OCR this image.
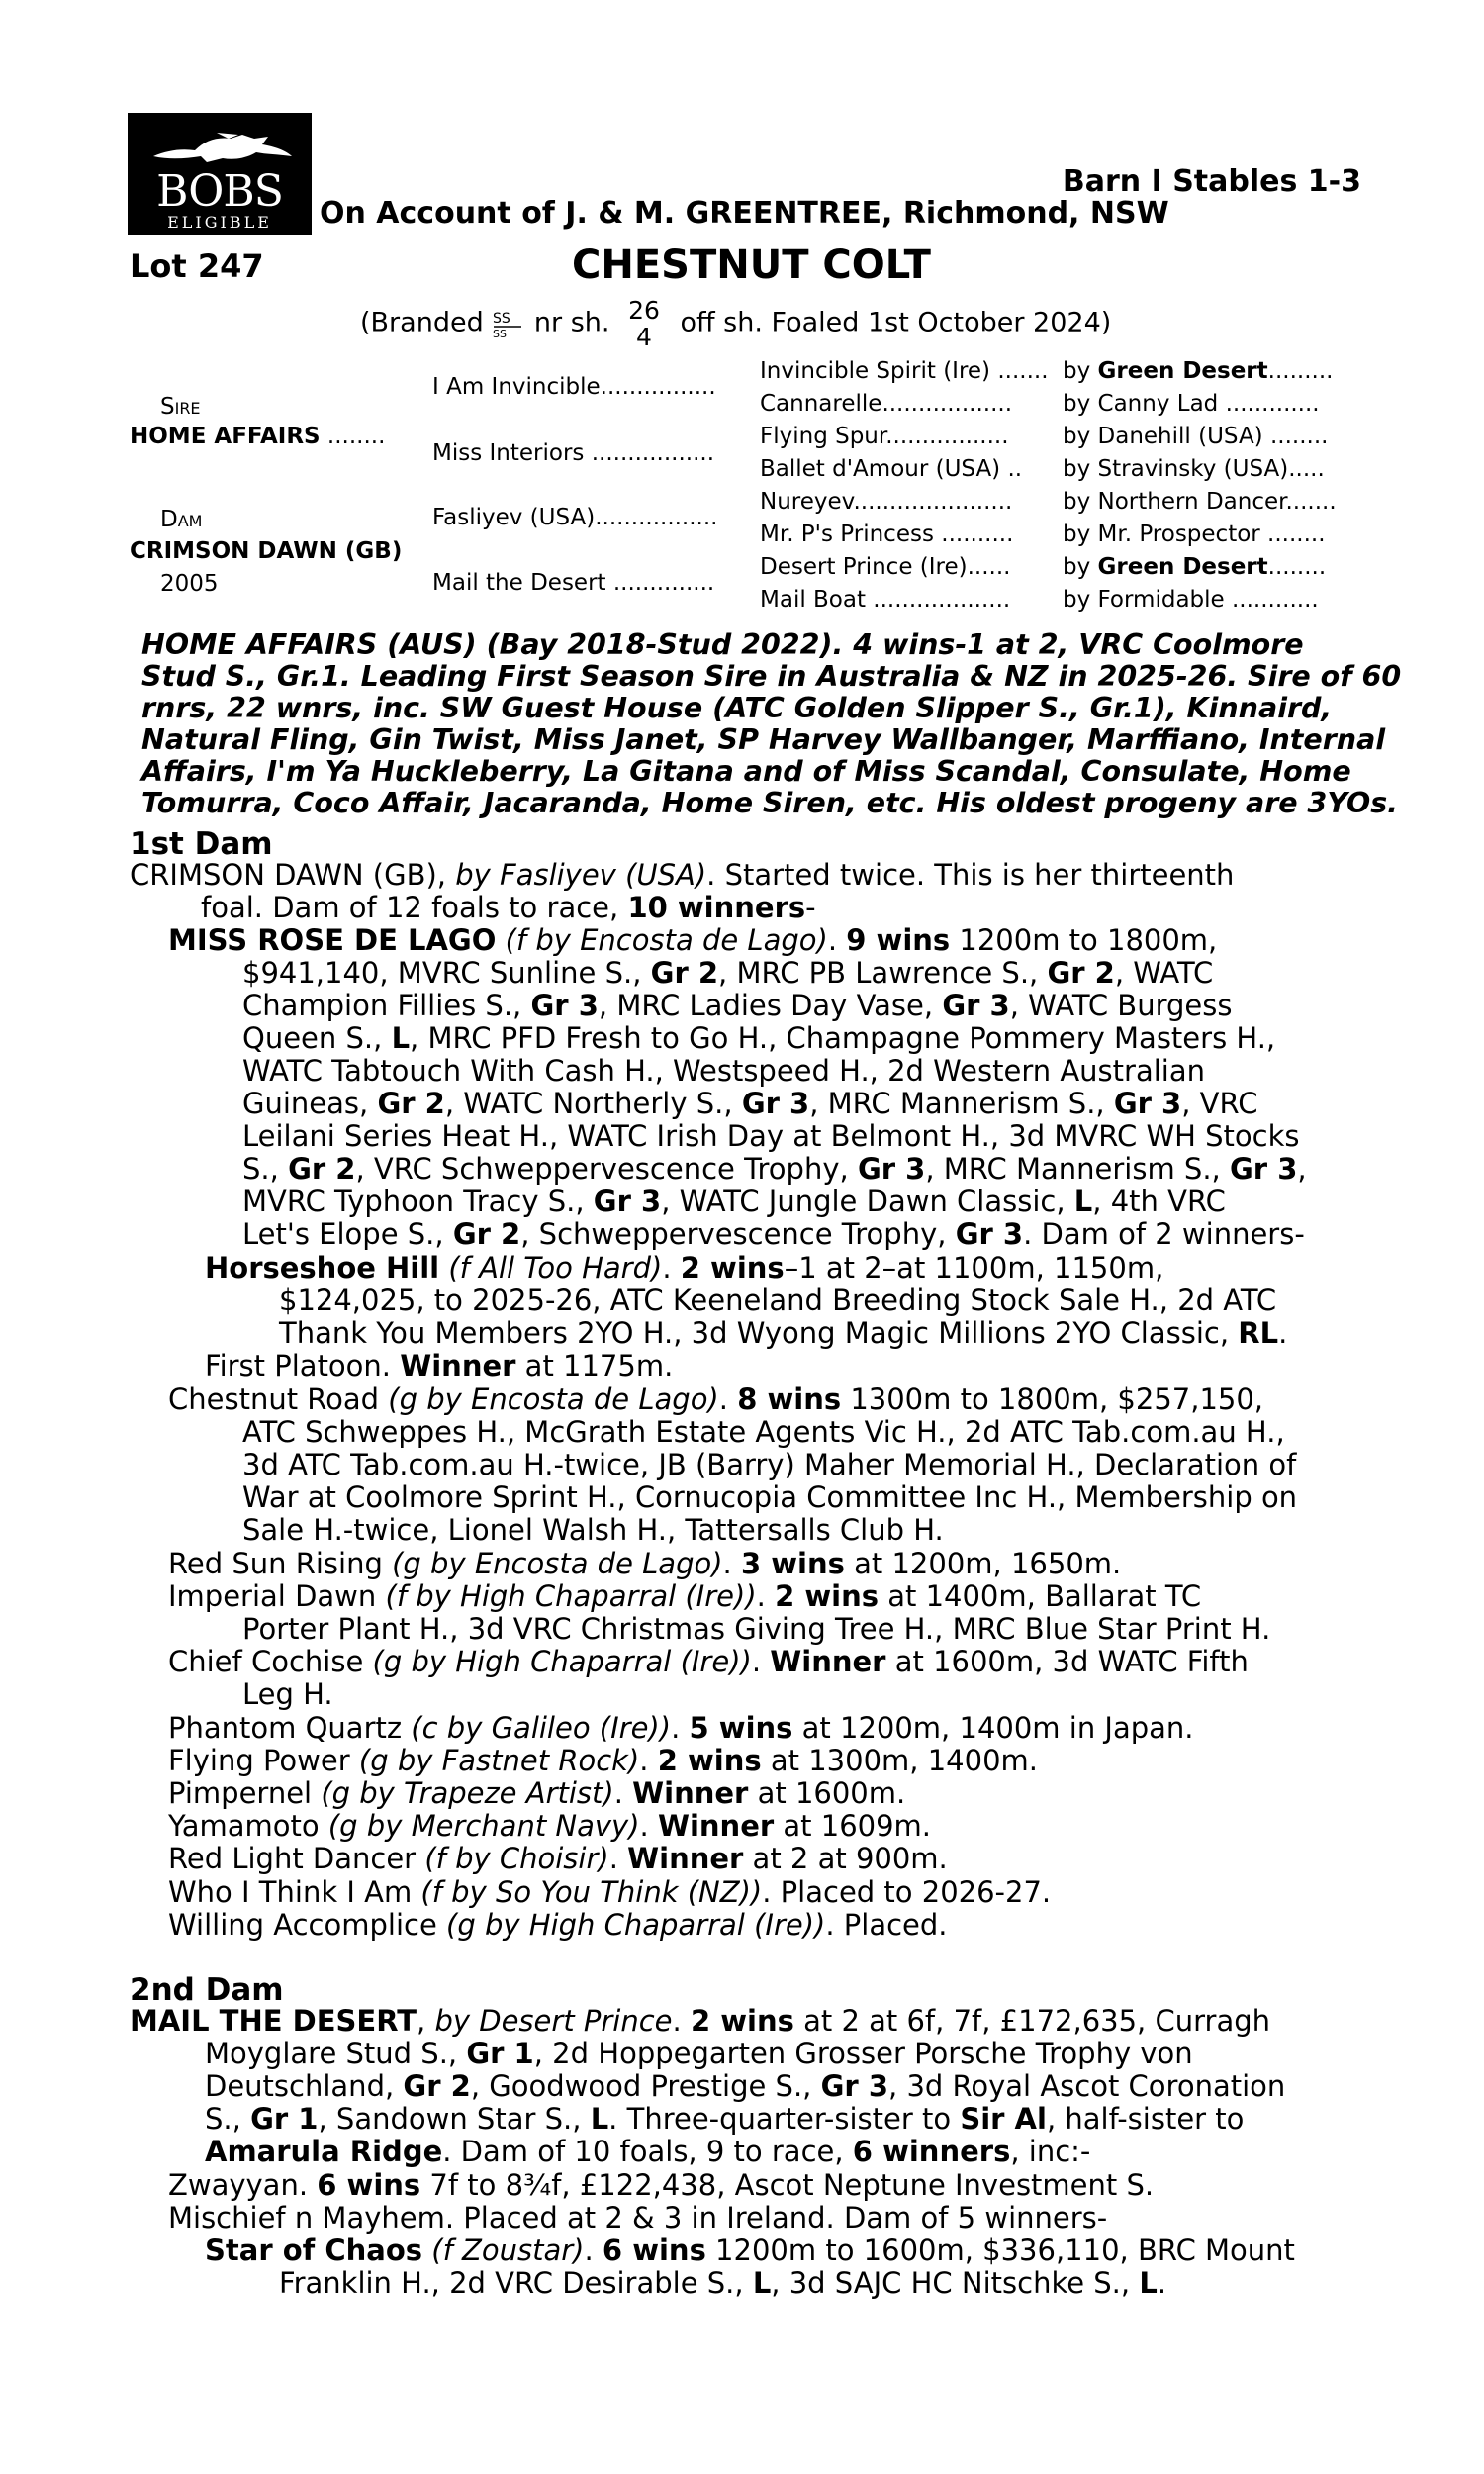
BOBS
ELIGIBLE
Barn I Stables 1-3
On Account of J. & M. GREENTREE, Richmond, NSW
Lot 247	CHESTNUT COLT
(Branded SS
SS nr sh. 26
4 off sh. Foaled 1st October 2024)
Sire
HOME AFFAIRS ........
Dam
CRIMSON DAWN (GB)
2005
I Am Invincible................
Miss Interiors .................
Fasliyev (USA).................
Mail the Desert ..............
Invincible Spirit (Ire) .......
Cannarelle..................
Flying Spur.................
Ballet d'Amour (USA) ..
Nureyev......................
Mr. P's Princess ..........
Desert Prince (Ire)......
Mail Boat ...................
by Green Desert.........
by Canny Lad .............
by Danehill (USA) ........
by Stravinsky (USA).....
by Northern Dancer.......
by Mr. Prospector ........
by Green Desert........
by Formidable ............
HOME AFFAIRS (AUS) (Bay 2018-Stud 2022). 4 wins-1 at 2, VRC Coolmore
Stud S., Gr.1. Leading First Season Sire in Australia & NZ in 2025-26. Sire of 60
rnrs, 22 wnrs, inc. SW Guest House (ATC Golden Slipper S., Gr.1), Kinnaird,
Natural Fling, Gin Twist, Miss Janet, SP Harvey Wallbanger, Marffiano, Internal
Affairs, I'm Ya Huckleberry, La Gitana and of Miss Scandal, Consulate, Home
Tomurra, Coco Affair, Jacaranda, Home Siren, etc. His oldest progeny are 3YOs.
1st Dam
CRIMSON DAWN (GB), by Fasliyev (USA). Started twice. This is her thirteenth
foal. Dam of 12 foals to race, 10 winners-
MISS ROSE DE LAGO (f by Encosta de Lago). 9 wins 1200m to 1800m,
$941,140, MVRC Sunline S., Gr 2, MRC PB Lawrence S., Gr 2, WATC
Champion Fillies S., Gr 3, MRC Ladies Day Vase, Gr 3, WATC Burgess
Queen S., L, MRC PFD Fresh to Go H., Champagne Pommery Masters H.,
WATC Tabtouch With Cash H., Westspeed H., 2d Western Australian
Guineas, Gr 2, WATC Northerly S., Gr 3, MRC Mannerism S., Gr 3, VRC
Leilani Series Heat H., WATC Irish Day at Belmont H., 3d MVRC WH Stocks
S., Gr 2, VRC Schweppervescence Trophy, Gr 3, MRC Mannerism S., Gr 3,
MVRC Typhoon Tracy S., Gr 3, WATC Jungle Dawn Classic, L, 4th VRC
Let's Elope S., Gr 2, Schweppervescence Trophy, Gr 3. Dam of 2 winners-
Horseshoe Hill (f All Too Hard). 2 wins–1 at 2–at 1100m, 1150m,
$124,025, to 2025-26, ATC Keeneland Breeding Stock Sale H., 2d ATC
Thank You Members 2YO H., 3d Wyong Magic Millions 2YO Classic, RL.
First Platoon. Winner at 1175m.
Chestnut Road (g by Encosta de Lago). 8 wins 1300m to 1800m, $257,150,
ATC Schweppes H., McGrath Estate Agents Vic H., 2d ATC Tab.com.au H.,
3d ATC Tab.com.au H.-twice, JB (Barry) Maher Memorial H., Declaration of
War at Coolmore Sprint H., Cornucopia Committee Inc H., Membership on
Sale H.-twice, Lionel Walsh H., Tattersalls Club H.
Red Sun Rising (g by Encosta de Lago). 3 wins at 1200m, 1650m.
Imperial Dawn (f by High Chaparral (Ire)). 2 wins at 1400m, Ballarat TC
Porter Plant H., 3d VRC Christmas Giving Tree H., MRC Blue Star Print H.
Chief Cochise (g by High Chaparral (Ire)). Winner at 1600m, 3d WATC Fifth
Leg H.
Phantom Quartz (c by Galileo (Ire)). 5 wins at 1200m, 1400m in Japan.
Flying Power (g by Fastnet Rock). 2 wins at 1300m, 1400m.
Pimpernel (g by Trapeze Artist). Winner at 1600m.
Yamamoto (g by Merchant Navy). Winner at 1609m.
Red Light Dancer (f by Choisir). Winner at 2 at 900m.
Who I Think I Am (f by So You Think (NZ)). Placed to 2026-27.
Willing Accomplice (g by High Chaparral (Ire)). Placed.
2nd Dam
MAIL THE DESERT, by Desert Prince. 2 wins at 2 at 6f, 7f, £172,635, Curragh
Moyglare Stud S., Gr 1, 2d Hoppegarten Grosser Porsche Trophy von
Deutschland, Gr 2, Goodwood Prestige S., Gr 3, 3d Royal Ascot Coronation
S., Gr 1, Sandown Star S., L. Three-quarter-sister to Sir Al, half-sister to
Amarula Ridge. Dam of 10 foals, 9 to race, 6 winners, inc:-
Zwayyan. 6 wins 7f to 8¾f, £122,438, Ascot Neptune Investment S.
Mischief n Mayhem. Placed at 2 & 3 in Ireland. Dam of 5 winners-
Star of Chaos (f Zoustar). 6 wins 1200m to 1600m, $336,110, BRC Mount
Franklin H., 2d VRC Desirable S., L, 3d SAJC HC Nitschke S., L.
